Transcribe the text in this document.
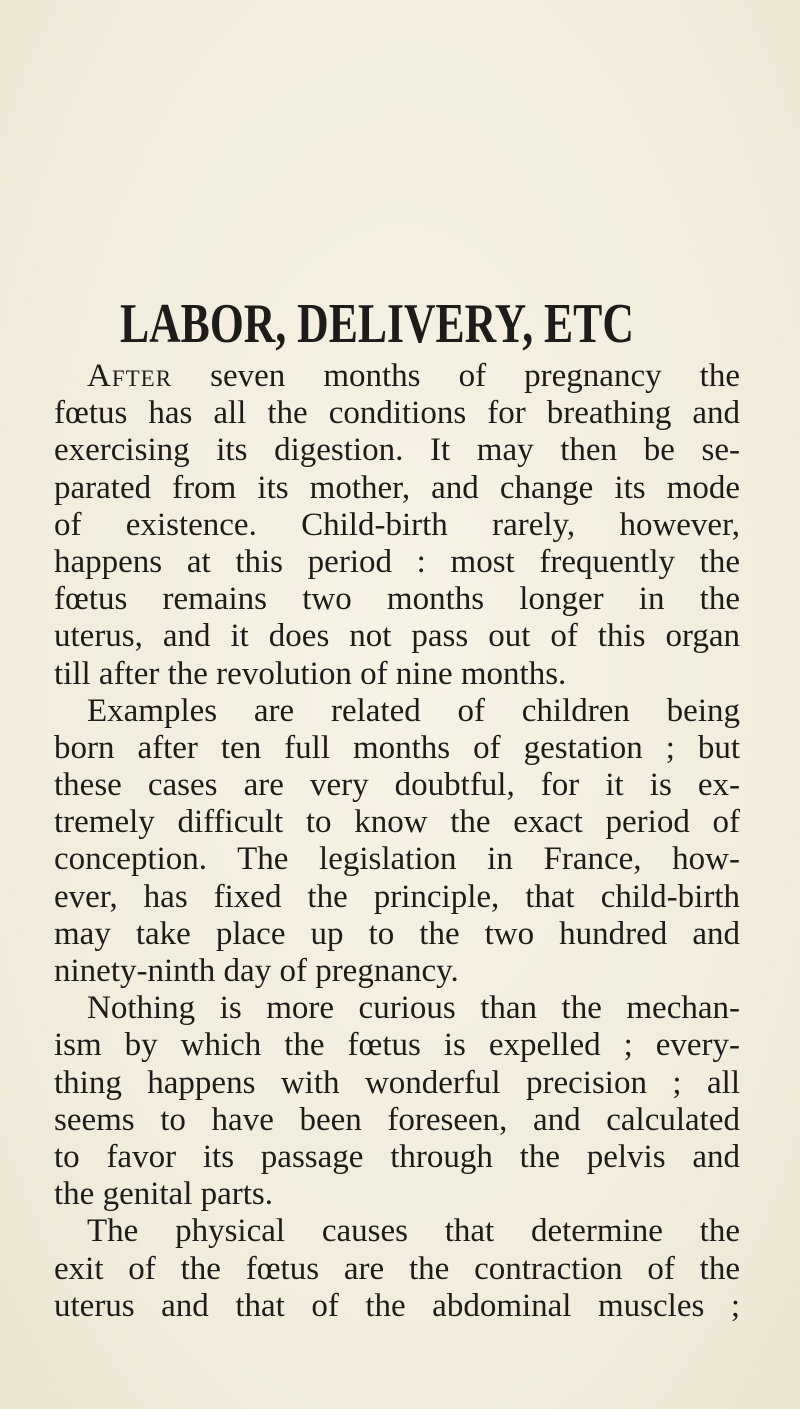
LABOR, DELIVERY, ETC
After seven months of pregnancy the
fœtus has all the conditions for breathing and
exercising its digestion. It may then be se-
parated from its mother, and change its mode
of existence. Child-birth rarely, however,
happens at this period : most frequently the
fœtus remains two months longer in the
uterus, and it does not pass out of this organ
till after the revolution of nine months.
Examples are related of children being
born after ten full months of gestation ; but
these cases are very doubtful, for it is ex-
tremely difficult to know the exact period of
conception. The legislation in France, how-
ever, has fixed the principle, that child-birth
may take place up to the two hundred and
ninety-ninth day of pregnancy.
Nothing is more curious than the mechan-
ism by which the fœtus is expelled ; every-
thing happens with wonderful precision ; all
seems to have been foreseen, and calculated
to favor its passage through the pelvis and
the genital parts.
The physical causes that determine the
exit of the fœtus are the contraction of the
uterus and that of the abdominal muscles ;
